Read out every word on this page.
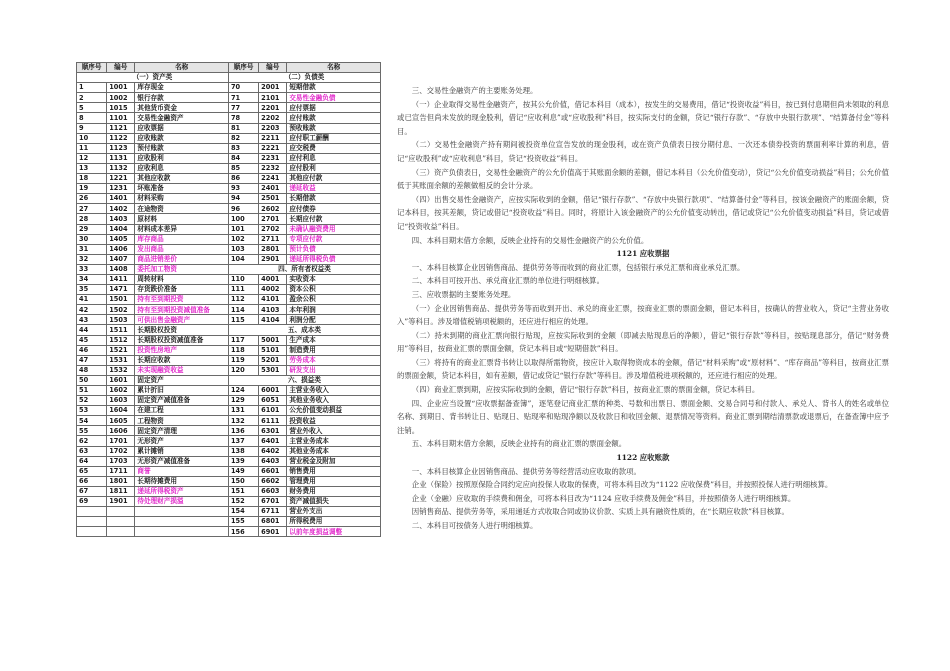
顺序号	编号	名称	顺序号	编号	名称
（一）资产类			（二）负债类		
1	1001	库存现金	70	2001	短期借款
2	1002	银行存款	71	2101	交易性金融负债
5	1015	其他货币资金	77	2201	应付票据
8	1101	交易性金融资产	78	2202	应付账款
9	1121	应收票据	81	2203	预收账款
10	1122	应收账款	82	2211	应付职工薪酬
11	1123	预付账款	83	2221	应交税费
12	1131	应收股利	84	2231	应付利息
13	1132	应收利息	85	2232	应付股利
18	1221	其他应收款	86	2241	其他应付款
19	1231	坏账准备	93	2401	递延收益
26	1401	材料采购	94	2501	长期借款
27	1402	在途物资	96	2602	应付债券
28	1403	原材料	100	2701	长期应付款
29	1404	材料成本差异	101	2702	未确认融资费用
30	1405	库存商品	102	2711	专项应付款
31	1406	发出商品	103	2801	预计负债
32	1407	商品进销差价	104	2901	递延所得税负债
33	1408	委托加工物资	四、所有者权益类		
34	1411	周转材料	110	4001	实收资本
35	1471	存货跌价准备	111	4002	资本公积
41	1501	持有至到期投资	112	4101	盈余公积
42	1502	持有至到期投资减值准备	114	4103	本年利润
43	1503	可供出售金融资产	115	4104	利润分配
44	1511	长期股权投资	五、成本类		
45	1512	长期股权投资减值准备	117	5001	生产成本
46	1521	投资性房地产	118	5101	制造费用
47	1531	长期应收款	119	5201	劳务成本
48	1532	未实现融资收益	120	5301	研发支出
50	1601	固定资产	六、损益类		
51	1602	累计折旧	124	6001	主营业务收入
52	1603	固定资产减值准备	129	6051	其他业务收入
53	1604	在建工程	131	6101	公允价值变动损益
54	1605	工程物资	132	6111	投资收益
55	1606	固定资产清理	136	6301	营业外收入
62	1701	无形资产	137	6401	主营业务成本
63	1702	累计摊销	138	6402	其他业务成本
64	1703	无形资产减值准备	139	6403	营业税金及附加
65	1711	商誉	149	6601	销售费用
66	1801	长期待摊费用	150	6602	管理费用
67	1811	递延所得税资产	151	6603	财务费用
69	1901	待处理财产损溢	152	6701	资产减值损失
			154	6711	营业外支出
			155	6801	所得税费用
			156	6901	以前年度损益调整

三、交易性金融资产的主要账务处理。

（一）企业取得交易性金融资产，按其公允价值，借记本科目（成本），按发生的交易费用，借记“投资收益”科目，按已到付息期但尚未领取的利息或已宣告但尚未发放的现金股利，借记“应收利息”或“应收股利”科目，按实际支付的金额，贷记“银行存款”、“存放中央银行款项”、“结算备付金”等科目。

（二）交易性金融资产持有期间被投资单位宣告发放的现金股利，或在资产负债表日按分期付息、一次还本债券投资的票面利率计算的利息，借记“应收股利”或“应收利息”科目，贷记“投资收益”科目。

（三）资产负债表日，交易性金融资产的公允价值高于其账面余额的差额，借记本科目（公允价值变动），贷记“公允价值变动损益”科目；公允价值低于其账面余额的差额做相反的会计分录。

（四）出售交易性金融资产，应按实际收到的金额，借记“银行存款”、“存放中央银行款项”、“结算备付金”等科目，按该金融资产的账面余额，贷记本科目，按其差额，贷记或借记“投资收益”科目。同时，将原计入该金融资产的公允价值变动转出，借记或贷记“公允价值变动损益”科目，贷记或借记“投资收益”科目。

四、本科目期末借方余额，反映企业持有的交易性金融资产的公允价值。

1121 应收票据

一、本科目核算企业因销售商品、提供劳务等而收到的商业汇票，包括银行承兑汇票和商业承兑汇票。

二、本科目可按开出、承兑商业汇票的单位进行明细核算。

三、应收票据的主要账务处理。

（一）企业因销售商品、提供劳务等而收到开出、承兑的商业汇票，按商业汇票的票面金额，借记本科目，按确认的营业收入，贷记“主营业务收入”等科目。涉及增值税销项税额的，还应进行相应的处理。

（二）持未到期的商业汇票向银行贴现，应按实际收到的金额（即减去贴现息后的净额），借记“银行存款”等科目，按贴现息部分，借记“财务费用”等科目，按商业汇票的票面金额，贷记本科目或“短期借款”科目。

（三）将持有的商业汇票背书转让以取得所需物资，按应计入取得物资成本的金额，借记“材料采购”或“原材料”、“库存商品”等科目，按商业汇票的票面金额，贷记本科目，如有差额，借记或贷记“银行存款”等科目。涉及增值税进项税额的，还应进行相应的处理。

（四）商业汇票到期，应按实际收到的金额，借记“银行存款”科目，按商业汇票的票面金额，贷记本科目。

四、企业应当设置“应收票据备查簿”，逐笔登记商业汇票的种类、号数和出票日、票面金额、交易合同号和付款人、承兑人、背书人的姓名或单位名称、到期日、背书转让日、贴现日、贴现率和贴现净额以及收款日和收回金额、退票情况等资料。商业汇票到期结清票款或退票后，在备查簿中应予注销。

五、本科目期末借方余额，反映企业持有的商业汇票的票面金额。

1122 应收账款

一、本科目核算企业因销售商品、提供劳务等经营活动应收取的款项。

企业（保险）按照原保险合同约定应向投保人收取的保费，可将本科目改为“1122 应收保费”科目，并按照投保人进行明细核算。

企业（金融）应收取的手续费和佣金，可将本科目改为“1124 应收手续费及佣金”科目，并按照债务人进行明细核算。

因销售商品、提供劳务等，采用递延方式收取合同或协议价款、实质上具有融资性质的，在“长期应收款”科目核算。

二、本科目可按债务人进行明细核算。
